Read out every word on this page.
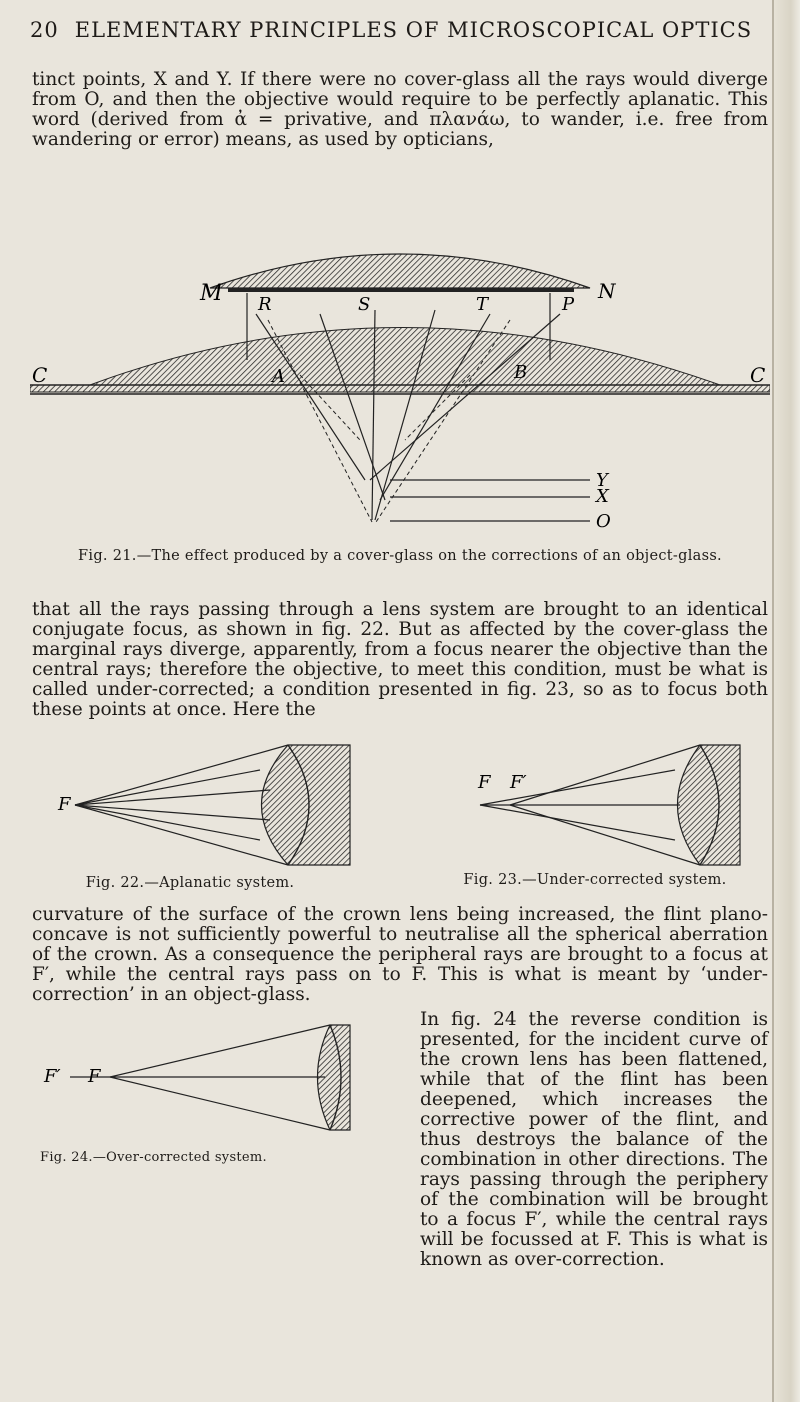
20 ELEMENTARY PRINCIPLES OF MICROSCOPICAL OPTICS
tinct points, X and Y. If there were no cover-glass all the rays would diverge from O, and then the objective would require to be perfectly aplanatic. This word (derived from ἀ = privative, and πλανάω, to wander, i.e. free from wandering or error) means, as used by opticians,
M	N
C	C
R	S	T	P
A	B
Y
X
O
Fig. 21.—The effect produced by a cover-glass on the corrections of an object-glass.
that all the rays passing through a lens system are brought to an identical conjugate focus, as shown in fig. 22. But as affected by the cover-glass the marginal rays diverge, apparently, from a focus nearer the objective than the central rays; therefore the objective, to meet this condition, must be what is called under-corrected; a condition presented in fig. 23, so as to focus both these points at once. Here the
F
Fig. 22.—Aplanatic system.
F F′
Fig. 23.—Under-corrected system.
curvature of the surface of the crown lens being increased, the flint plano-concave is not sufficiently powerful to neutralise all the spherical aberration of the crown. As a consequence the peripheral rays are brought to a focus at F′, while the central rays pass on to F. This is what is meant by ‘under-correction’ in an object-glass.
F′ F
Fig. 24.—Over-corrected system.
In fig. 24 the reverse condition is presented, for the incident curve of the crown lens has been flattened, while that of the flint has been deepened, which increases the corrective power of the flint, and thus destroys the balance of the combination in other directions. The rays passing through the periphery of the combination will be brought to a focus F′, while the central rays will be focussed at F. This is what is known as over-correction.
